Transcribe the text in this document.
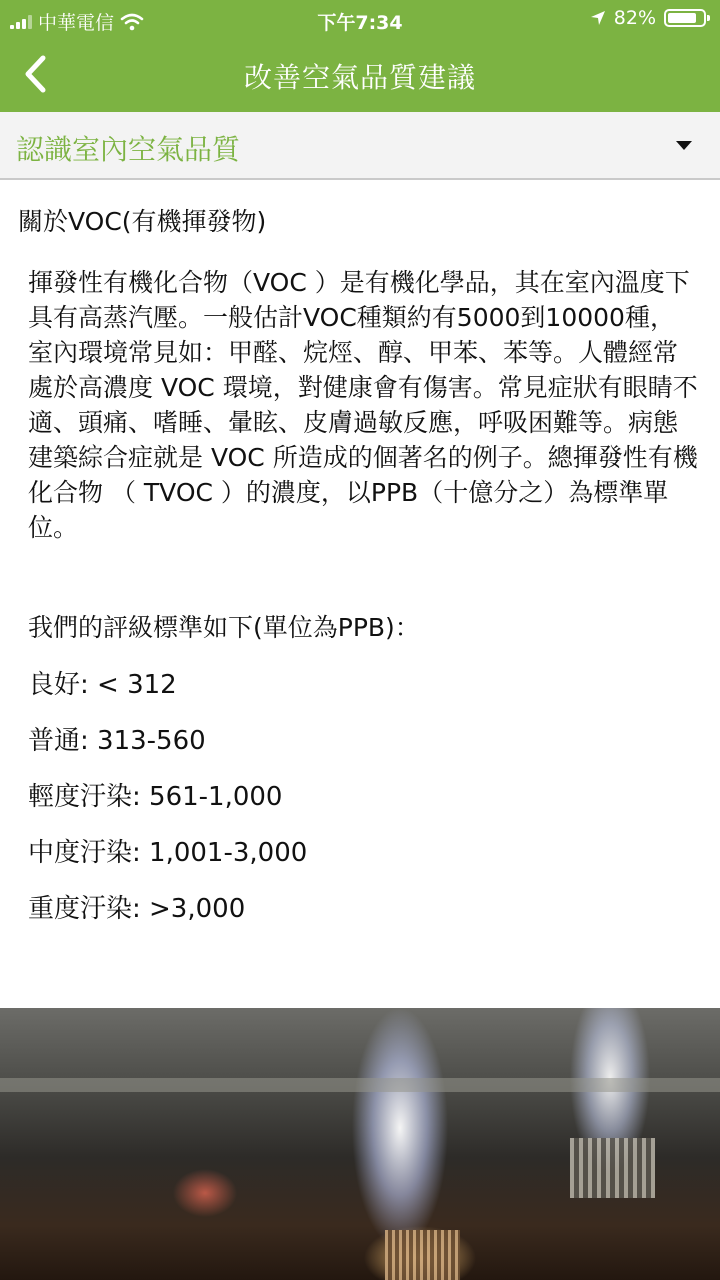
中華電信	下午7:34	82%
改善空氣品質建議
認識室內空氣品質
關於VOC(有機揮發物)

揮發性有機化合物（VOC ）是有機化學品，其在室內溫度下具有高蒸汽壓。一般估計VOC種類約有5000到10000種，室內環境常見如：甲醛、烷烴、醇、甲苯、苯等。人體經常處於高濃度 VOC 環境，對健康會有傷害。常見症狀有眼睛不適、頭痛、嗜睡、暈眩、皮膚過敏反應，呼吸困難等。病態建築綜合症就是 VOC 所造成的個著名的例子。總揮發性有機化合物 （ TVOC ）的濃度，以PPB（十億分之）為標準單位。

我們的評級標準如下(單位為PPB)：
良好: < 312
普通: 313-560
輕度汙染: 561-1,000
中度汙染: 1,001-3,000
重度汙染: >3,000
